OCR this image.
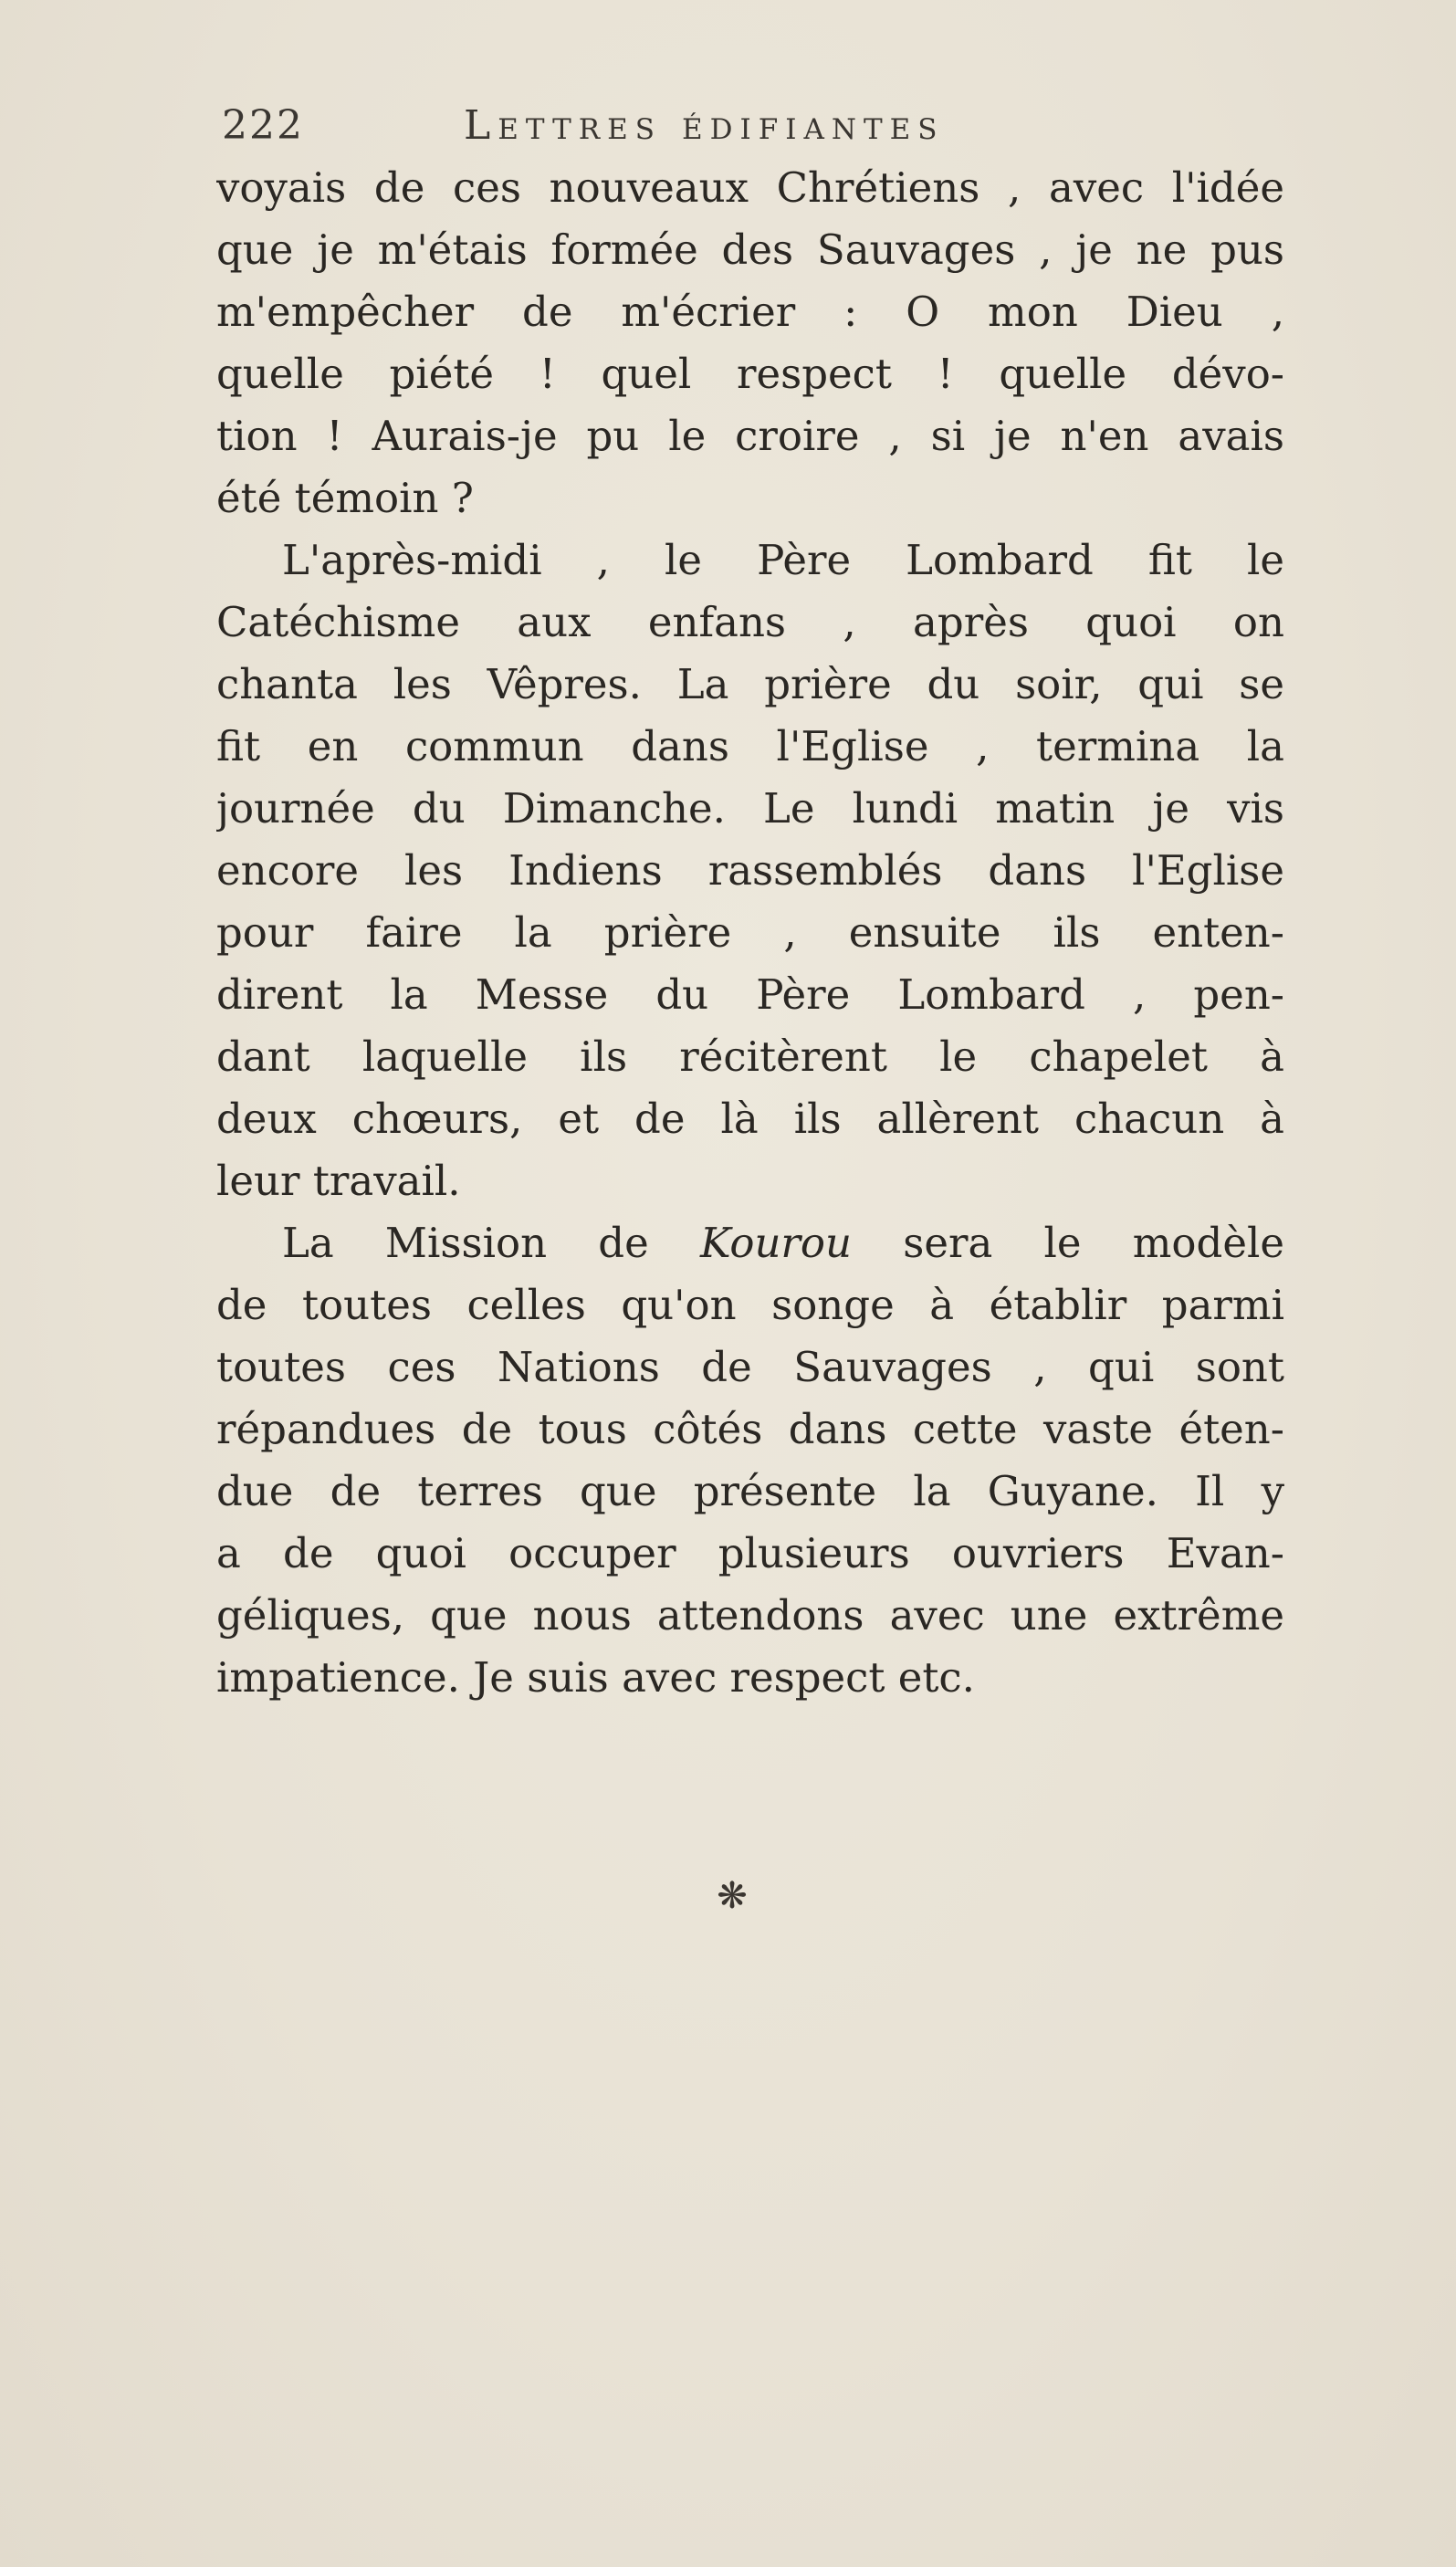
222	Lettres édifiantes
voyais de ces nouveaux Chrétiens , avec l'idée
que je m'étais formée des Sauvages , je ne pus
m'empêcher de m'écrier : O mon Dieu ,
quelle piété ! quel respect ! quelle dévo-
tion ! Aurais-je pu le croire , si je n'en avais
été témoin ?
L'après-midi , le Père Lombard fit le
Catéchisme aux enfans , après quoi on
chanta les Vêpres. La prière du soir, qui se
fit en commun dans l'Eglise , termina la
journée du Dimanche. Le lundi matin je vis
encore les Indiens rassemblés dans l'Eglise
pour faire la prière , ensuite ils enten-
dirent la Messe du Père Lombard , pen-
dant laquelle ils récitèrent le chapelet à
deux chœurs, et de là ils allèrent chacun à
leur travail.
La Mission de Kourou sera le modèle
de toutes celles qu'on songe à établir parmi
toutes ces Nations de Sauvages , qui sont
répandues de tous côtés dans cette vaste éten-
due de terres que présente la Guyane. Il y
a de quoi occuper plusieurs ouvriers Evan-
géliques, que nous attendons avec une extrême
impatience. Je suis avec respect etc.
❋
